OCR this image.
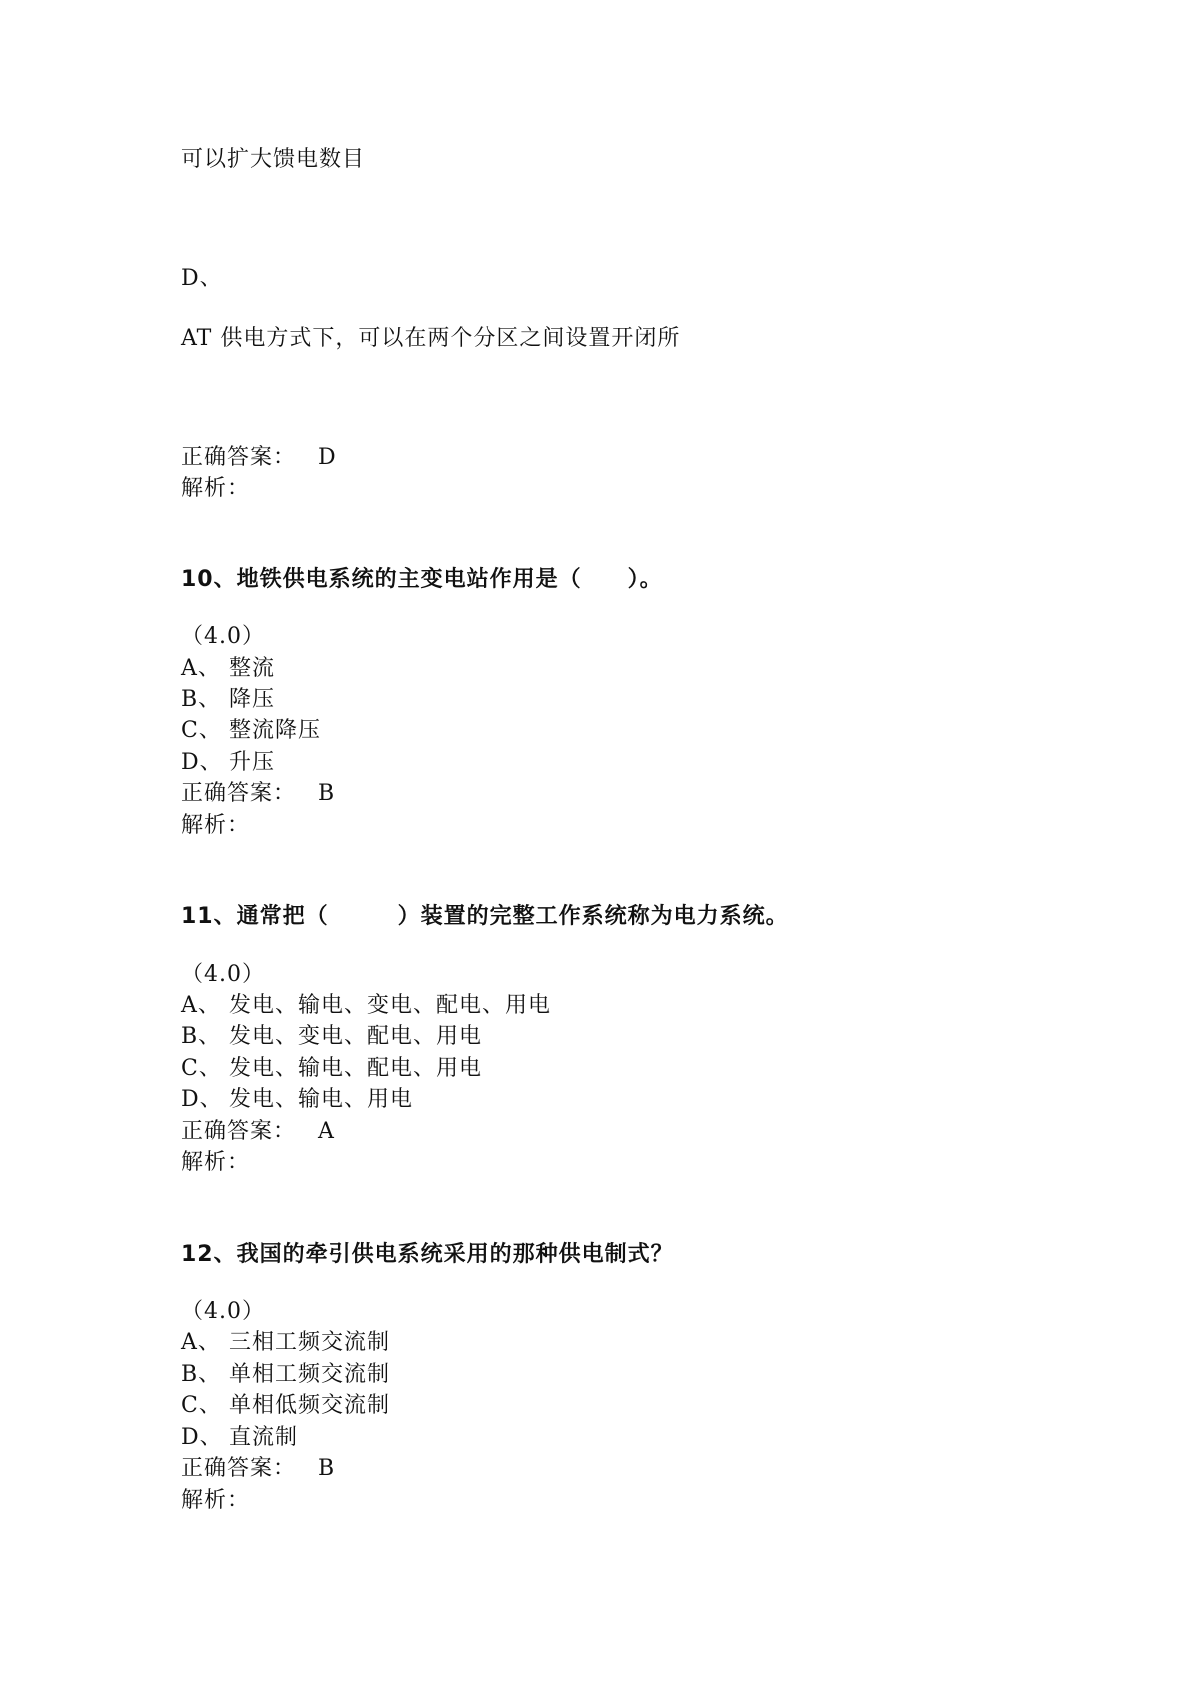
可以扩大馈电数目
D、
AT 供电方式下，可以在两个分区之间设置开闭所
正确答案： D
解析：
10、地铁供电系统的主变电站作用是（　　）。
（4.0）
A、 整流
B、 降压
C、 整流降压
D、 升压
正确答案： B
解析：
11、通常把（　　　）装置的完整工作系统称为电力系统。
（4.0）
A、 发电、输电、变电、配电、用电
B、 发电、变电、配电、用电
C、 发电、输电、配电、用电
D、 发电、输电、用电
正确答案： A
解析：
12、我国的牵引供电系统采用的那种供电制式？
（4.0）
A、 三相工频交流制
B、 单相工频交流制
C、 单相低频交流制
D、 直流制
正确答案： B
解析：
